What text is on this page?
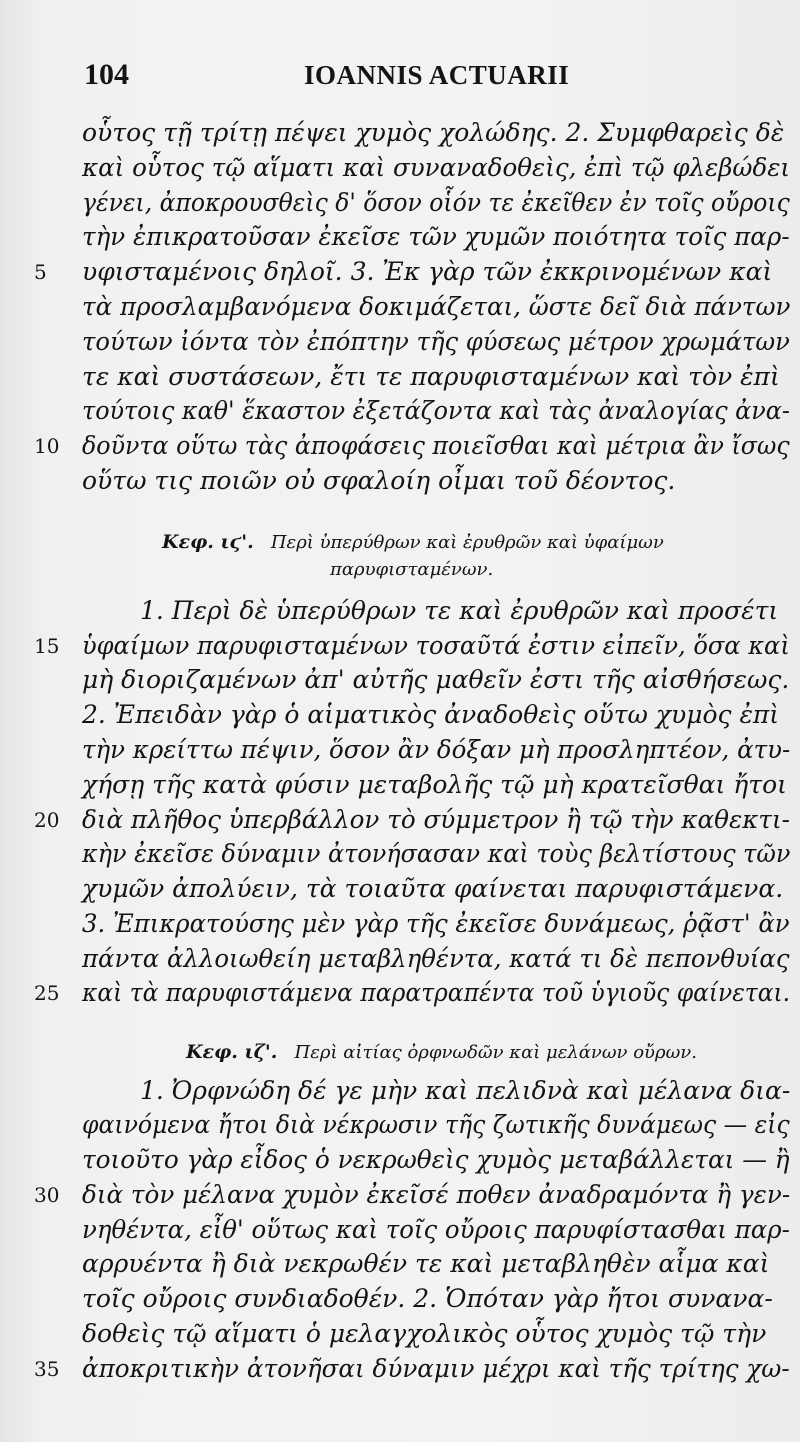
104	IOANNIS ACTUARII
οὗτος τῇ τρίτῃ πέψει χυμὸς χολώδης. 2. Συμφθαρεὶς δὲ
καὶ οὗτος τῷ αἵματι καὶ συναναδοθεὶς, ἐπὶ τῷ φλεβώδει
γένει, ἀποκρουσθεὶς δ' ὅσον οἷόν τε ἐκεῖθεν ἐν τοῖς οὔροις
τὴν ἐπικρατοῦσαν ἐκεῖσε τῶν χυμῶν ποιότητα τοῖς παρ-
5	υφισταμένοις δηλοῖ. 3. Ἐκ γὰρ τῶν ἐκκρινομένων καὶ
τὰ προσλαμβανόμενα δοκιμάζεται, ὥστε δεῖ διὰ πάντων
τούτων ἰόντα τὸν ἐπόπτην τῆς φύσεως μέτρον χρωμάτων
τε καὶ συστάσεων, ἔτι τε παρυφισταμένων καὶ τὸν ἐπὶ
τούτοις καθ' ἕκαστον ἐξετάζοντα καὶ τὰς ἀναλογίας ἀνα-
10 δοῦντα οὕτω τὰς ἀποφάσεις ποιεῖσθαι καὶ μέτρια ἂν ἴσως
οὕτω τις ποιῶν οὐ σφαλοίη οἶμαι τοῦ δέοντος.
Κεφ. ιϛ'. Περὶ ὑπερύθρων καὶ ἐρυθρῶν καὶ ὑφαίμων
παρυφισταμένων.
1. Περὶ δὲ ὑπερύθρων τε καὶ ἐρυθρῶν καὶ προσέτι
15 ὑφαίμων παρυφισταμένων τοσαῦτά ἐστιν εἰπεῖν, ὅσα καὶ
μὴ διοριζαμένων ἀπ' αὐτῆς μαθεῖν ἐστι τῆς αἰσθήσεως.
2. Ἐπειδὰν γὰρ ὁ αἱματικὸς ἀναδοθεὶς οὕτω χυμὸς ἐπὶ
τὴν κρείττω πέψιν, ὅσον ἂν δόξαν μὴ προσληπτέον, ἀτυ-
χήσῃ τῆς κατὰ φύσιν μεταβολῆς τῷ μὴ κρατεῖσθαι ἤτοι
20 διὰ πλῆθος ὑπερβάλλον τὸ σύμμετρον ἢ τῷ τὴν καθεκτι-
κὴν ἐκεῖσε δύναμιν ἀτονήσασαν καὶ τοὺς βελτίστους τῶν
χυμῶν ἀπολύειν, τὰ τοιαῦτα φαίνεται παρυφιστάμενα.
3. Ἐπικρατούσης μὲν γὰρ τῆς ἐκεῖσε δυνάμεως, ῥᾷστ' ἂν
πάντα ἀλλοιωθείη μεταβληθέντα, κατά τι δὲ πεπονθυίας
25 καὶ τὰ παρυφιστάμενα παρατραπέντα τοῦ ὑγιοῦς φαίνεται.
Κεφ. ιζ'. Περὶ αἰτίας ὀρφνωδῶν καὶ μελάνων οὔρων.
1. Ὀρφνώδη δέ γε μὴν καὶ πελιδνὰ καὶ μέλανα δια-
φαινόμενα ἤτοι διὰ νέκρωσιν τῆς ζωτικῆς δυνάμεως — εἰς
τοιοῦτο γὰρ εἶδος ὁ νεκρωθεὶς χυμὸς μεταβάλλεται — ἢ
30 διὰ τὸν μέλανα χυμὸν ἐκεῖσέ ποθεν ἀναδραμόντα ἢ γεν-
νηθέντα, εἶθ' οὕτως καὶ τοῖς οὔροις παρυφίστασθαι παρ-
αρρυέντα ἢ διὰ νεκρωθέν τε καὶ μεταβληθὲν αἷμα καὶ
τοῖς οὔροις συνδιαδοθέν. 2. Ὁπόταν γὰρ ἤτοι συνανα-
δοθεὶς τῷ αἵματι ὁ μελαγχολικὸς οὗτος χυμὸς τῷ τὴν
35 ἀποκριτικὴν ἀτονῆσαι δύναμιν μέχρι καὶ τῆς τρίτης χω-
